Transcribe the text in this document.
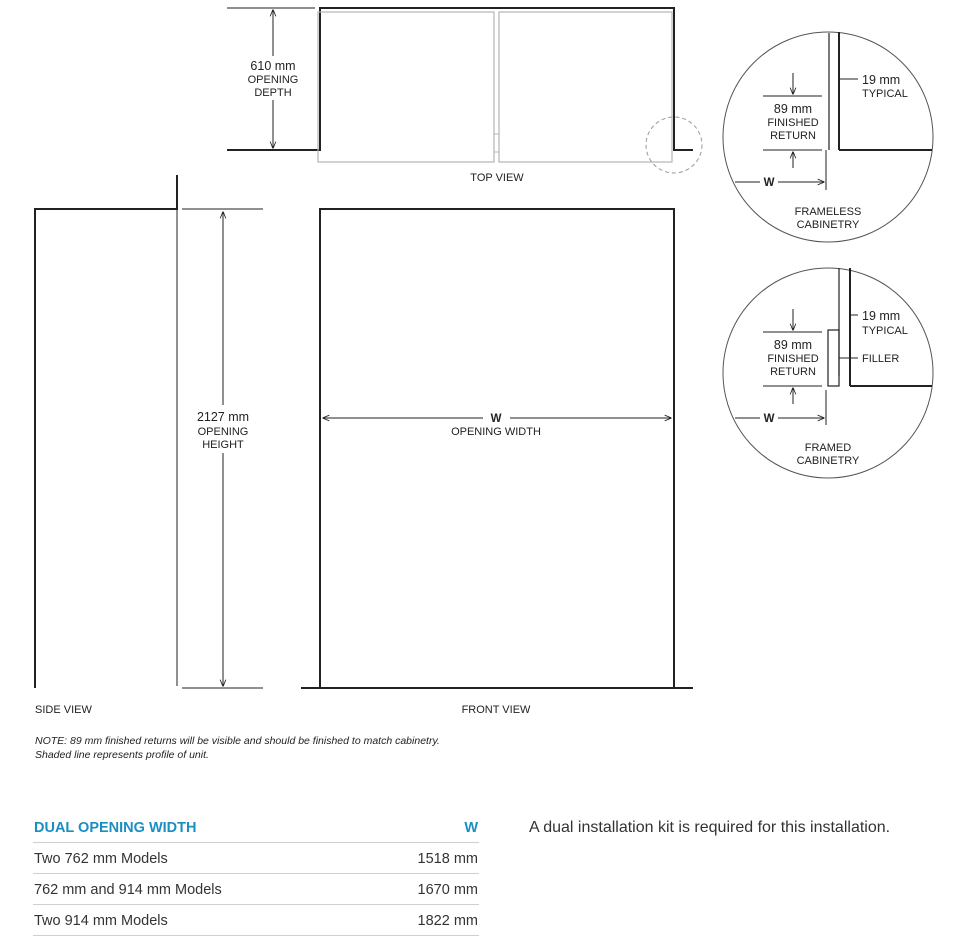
610 mm
OPENING
DEPTH
TOP VIEW
2127 mm
OPENING
HEIGHT
SIDE VIEW
W
OPENING WIDTH
FRONT VIEW
19 mm
TYPICAL
89 mm
FINISHED
RETURN
W
FRAMELESS
CABINETRY
19 mm
TYPICAL
FILLER
89 mm
FINISHED
RETURN
W
FRAMED
CABINETRY
NOTE: 89 mm finished returns will be visible and should be finished to match cabinetry.
Shaded line represents profile of unit.
DUAL OPENING WIDTH	W
Two 762 mm Models	1518 mm
762 mm and 914 mm Models	1670 mm
Two 914 mm Models	1822 mm
A dual installation kit is required for this installation.
